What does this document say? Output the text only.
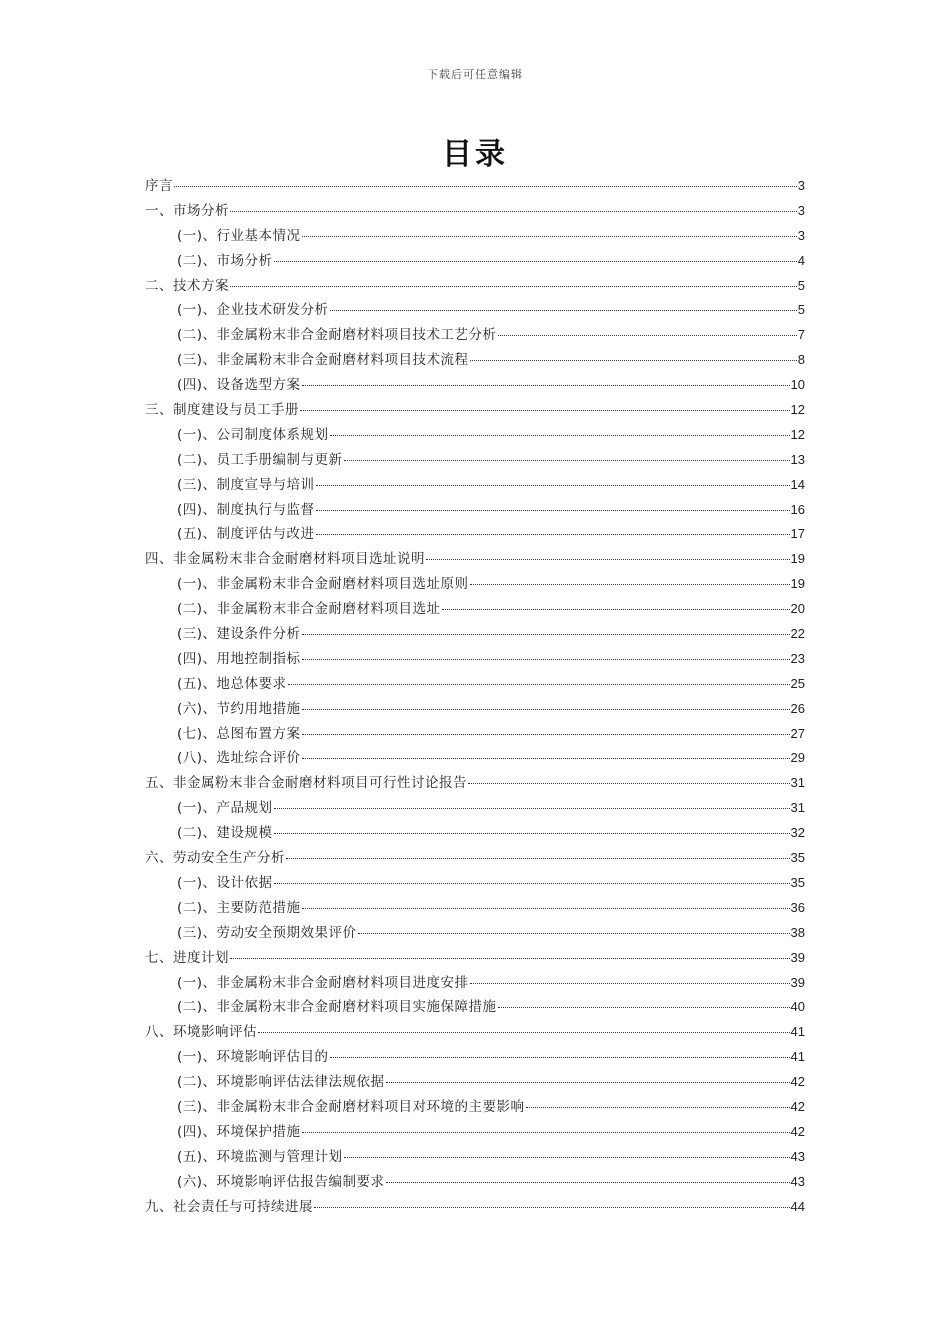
下载后可任意编辑
目录
序言	3
一、市场分析	3
(一)、行业基本情况	3
(二)、市场分析	4
二、技术方案	5
(一)、企业技术研发分析	5
(二)、非金属粉末非合金耐磨材料项目技术工艺分析	7
(三)、非金属粉末非合金耐磨材料项目技术流程	8
(四)、设备选型方案	10
三、制度建设与员工手册	12
(一)、公司制度体系规划	12
(二)、员工手册编制与更新	13
(三)、制度宣导与培训	14
(四)、制度执行与监督	16
(五)、制度评估与改进	17
四、非金属粉末非合金耐磨材料项目选址说明	19
(一)、非金属粉末非合金耐磨材料项目选址原则	19
(二)、非金属粉末非合金耐磨材料项目选址	20
(三)、建设条件分析	22
(四)、用地控制指标	23
(五)、地总体要求	25
(六)、节约用地措施	26
(七)、总图布置方案	27
(八)、选址综合评价	29
五、非金属粉末非合金耐磨材料项目可行性讨论报告	31
(一)、产品规划	31
(二)、建设规模	32
六、劳动安全生产分析	35
(一)、设计依据	35
(二)、主要防范措施	36
(三)、劳动安全预期效果评价	38
七、进度计划	39
(一)、非金属粉末非合金耐磨材料项目进度安排	39
(二)、非金属粉末非合金耐磨材料项目实施保障措施	40
八、环境影响评估	41
(一)、环境影响评估目的	41
(二)、环境影响评估法律法规依据	42
(三)、非金属粉末非合金耐磨材料项目对环境的主要影响	42
(四)、环境保护措施	42
(五)、环境监测与管理计划	43
(六)、环境影响评估报告编制要求	43
九、社会责任与可持续进展	44
